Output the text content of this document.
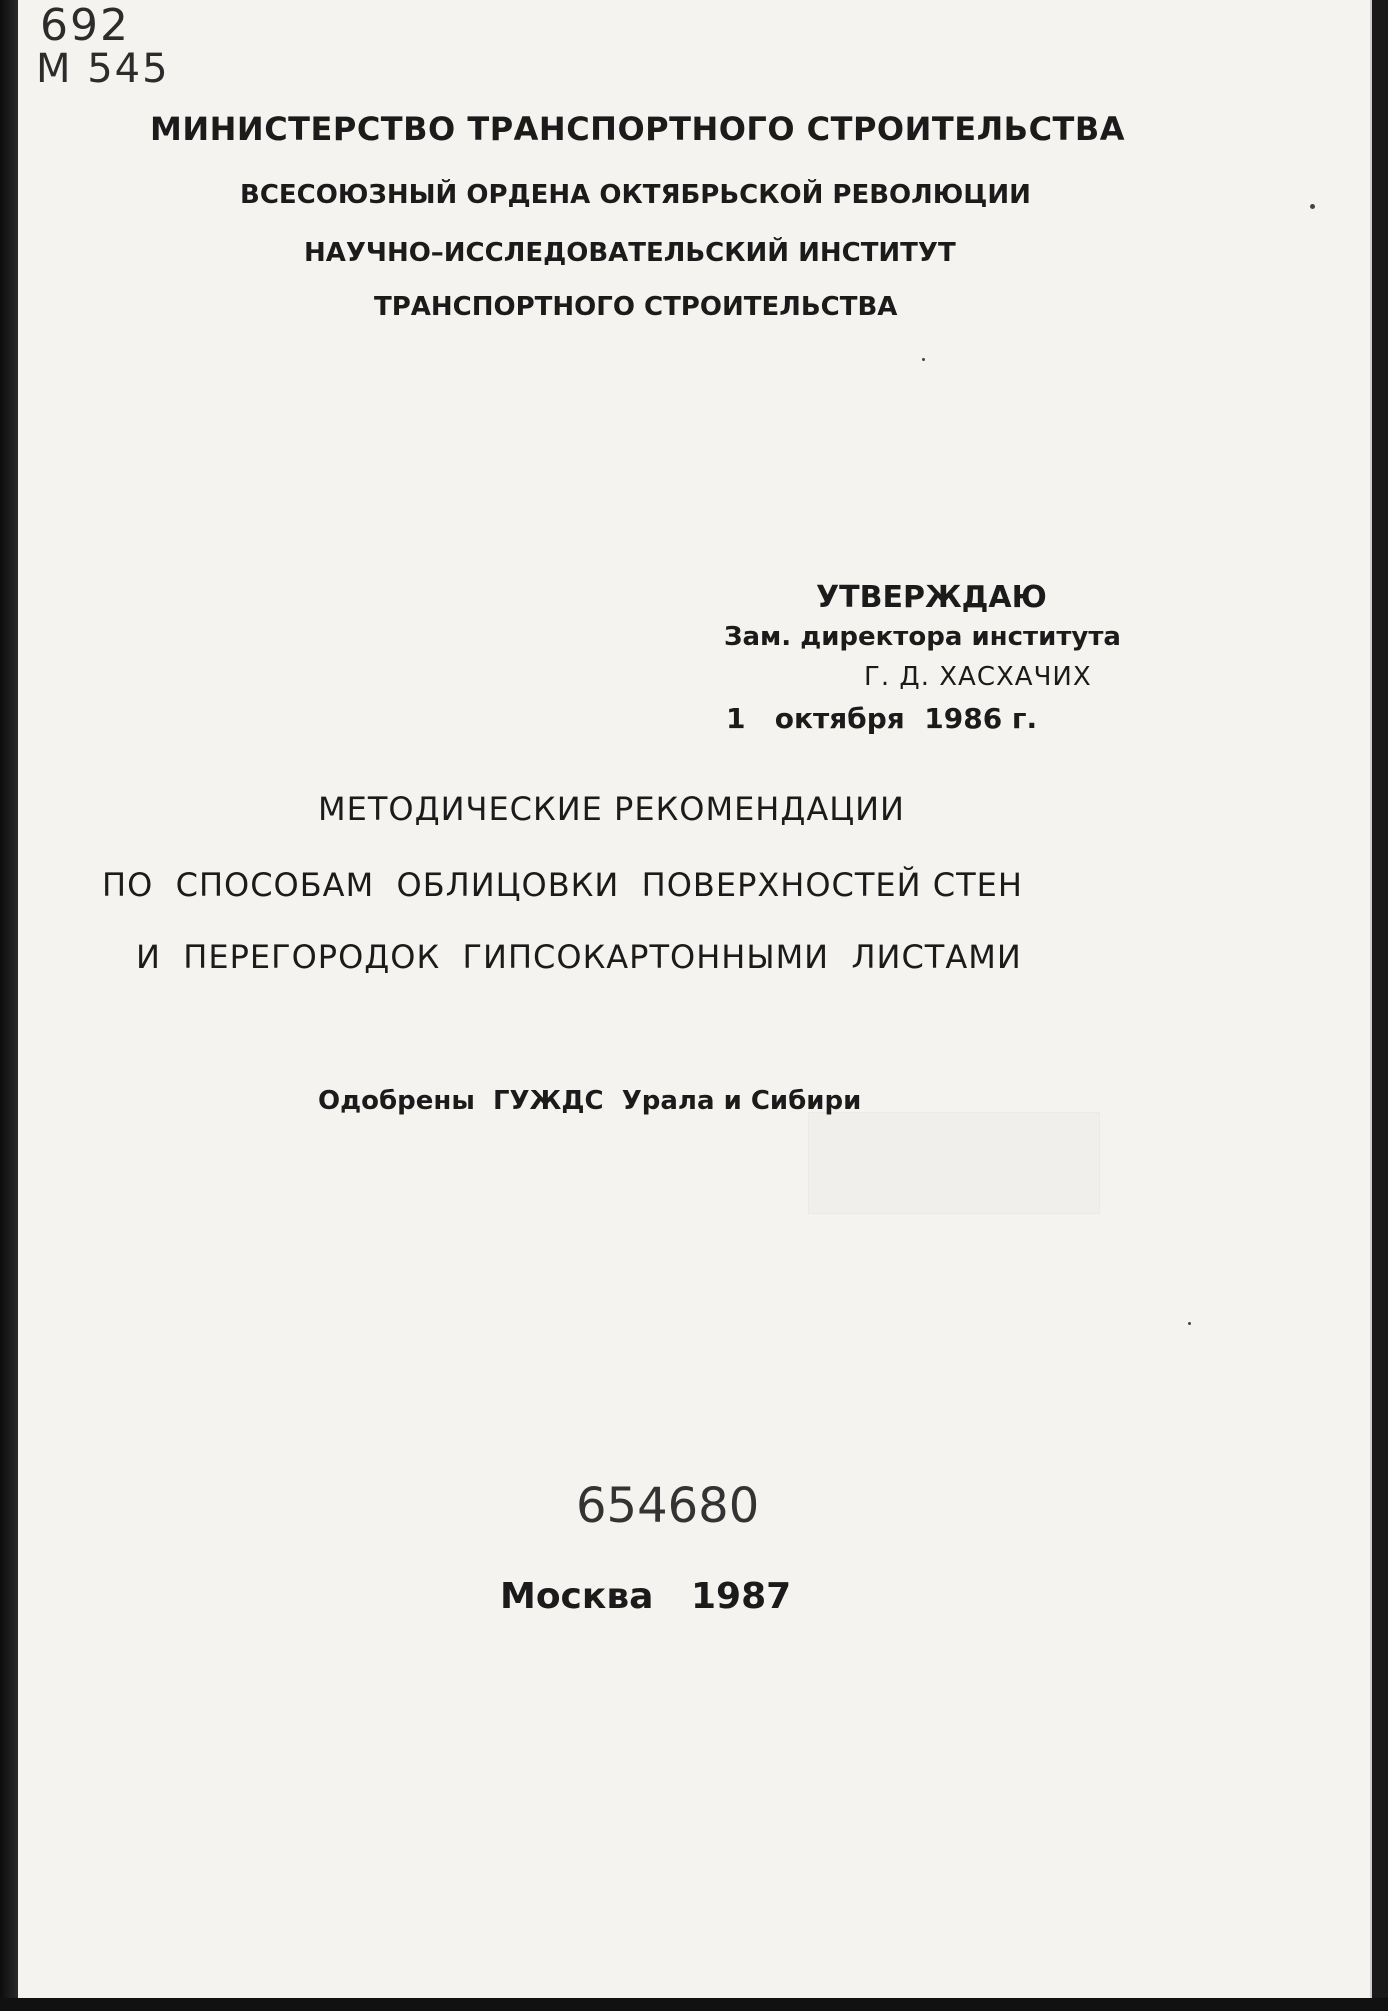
692
М 545
МИНИСТЕРСТВО ТРАНСПОРТНОГО СТРОИТЕЛЬСТВА
ВСЕСОЮЗНЫЙ ОРДЕНА ОКТЯБРЬСКОЙ РЕВОЛЮЦИИ
НАУЧНО–ИССЛЕДОВАТЕЛЬСКИЙ ИНСТИТУТ
ТРАНСПОРТНОГО СТРОИТЕЛЬСТВА
УТВЕРЖДАЮ
Зам. директора института
Г. Д. ХАСХАЧИХ
1   октября  1986 г.
МЕТОДИЧЕСКИЕ РЕКОМЕНДАЦИИ
ПО  СПОСОБАМ  ОБЛИЦОВКИ  ПОВЕРХНОСТЕЙ СТЕН
И  ПЕРЕГОРОДОК  ГИПСОКАРТОННЫМИ  ЛИСТАМИ
Одобрены  ГУЖДС  Урала и Сибири
654680
Москва   1987
